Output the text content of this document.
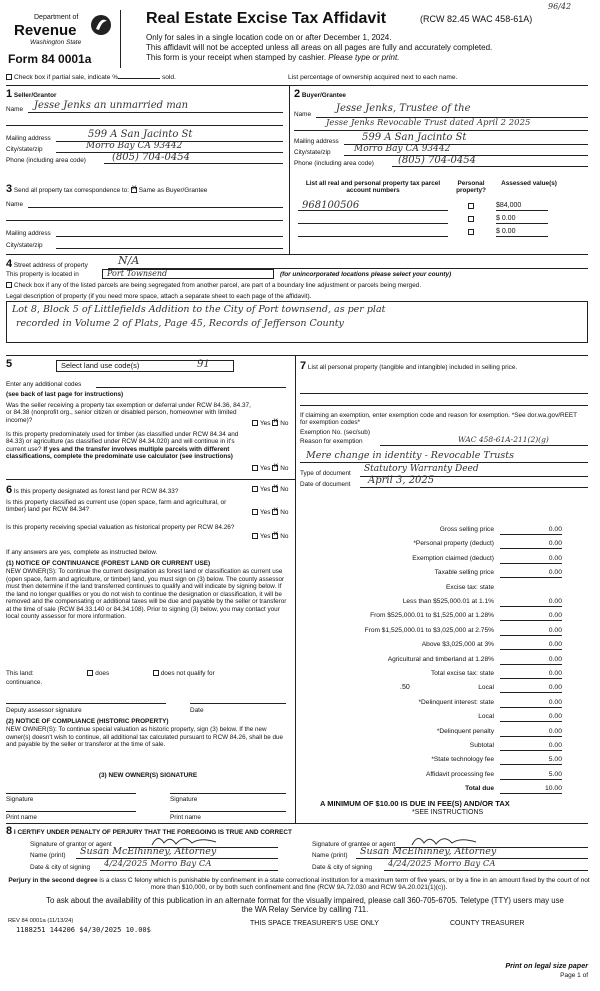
Department of
Revenue
Washington State
Form 84 0001a
Real Estate Excise Tax Affidavit	(RCW 82.45 WAC 458-61A)
96/42
Only for sales in a single location code on or after December 1, 2024.
This affidavit will not be accepted unless all areas on all pages are fully and accurately completed.
This form is your receipt when stamped by cashier. Please type or print.
Check box if partial sale, indicate %	sold.	List percentage of ownership acquired next to each name.
1 Seller/Grantor
Name Jesse Jenks an unmarried man
Mailing address	599 A San Jacinto St
City/state/zip	Morro Bay CA 93442
Phone (including area code)	(805) 704-0454
2 Buyer/Grantee
Name
Jesse Jenks, Trustee of the
Jesse Jenks Revocable Trust dated April 2 2025
Mailing address 599 A San Jacinto St
City/state/zip	Morro Bay CA 93442
Phone (including area code) (805) 704-0454
3 Send all property tax correspondence to: ✕ Same as Buyer/Grantee
Name
Mailing address
City/state/zip
List all real and personal property tax parcel account numbers
Personal property?
Assessed value(s)
968100506	$84,000
$ 0.00
$ 0.00
4 Street address of property	N/A
This property is located in	Port Townsend	(for unincorporated locations please select your county)
Check box if any of the listed parcels are being segregated from another parcel, are part of a boundary line adjustment or parcels being merged.
Legal description of property (if you need more space, attach a separate sheet to each page of the affidavit).
Lot 8, Block 5 of Littlefields Addition to the City of Port townsend, as per plat
recorded in Volume 2 of Plats, Page 45, Records of Jefferson County
5	Select land use code(s)	91
Enter any additional codes
(see back of last page for instructions)
Was the seller receiving a property tax exemption or deferral under RCW 84.36, 84.37, or 84.38 (nonprofit org., senior citizen or disabled person, homeowner with limited income)?	Yes ✕ No
Is this property predominately used for timber (as classified under RCW 84.34 and 84.33) or agriculture (as classified under RCW 84.34.020) and will continue in it's current use? If yes and the transfer involves multiple parcels with different classifications, complete the predominate use calculator (see instructions)
Yes ✕ No
6 Is this property designated as forest land per RCW 84.33?	Yes ✕ No
Is this property classified as current use (open space, farm and agricultural, or timber) land per RCW 84.34?	Yes ✕ No
Is this property receiving special valuation as historical property per RCW 84.26?
Yes ✕ No
If any answers are yes, complete as instructed below.
(1) NOTICE OF CONTINUANCE (FOREST LAND OR CURRENT USE)
NEW OWNER(S): To continue the current designation as forest land or classification as current use (open space, farm and agriculture, or timber) land, you must sign on (3) below. The county assessor must then determine if the land transferred continues to qualify and will indicate by signing below. If the land no longer qualifies or you do not wish to continue the designation or classification, it will be removed and the compensating or additional taxes will be due and payable by the seller or transferor at the time of sale (RCW 84.33.140 or 84.34.108). Prior to signing (3) below, you may contact your local county assessor for more information.
This land:	does	does not qualify for
continuance.
Deputy assessor signature	Date
(2) NOTICE OF COMPLIANCE (HISTORIC PROPERTY)
NEW OWNER(S): To continue special valuation as historic property, sign (3) below. If the new owner(s) doesn't wish to continue, all additional tax calculated pursuant to RCW 84.26, shall be due and payable by the seller or transferor at the time of sale.
(3) NEW OWNER(S) SIGNATURE
Signature	Signature
Print name	Print name
7 List all personal property (tangible and intangible) included in selling price.
If claiming an exemption, enter exemption code and reason for exemption. *See dor.wa.gov/REET for exemption codes*
Exemption No. (sec/sub)
Reason for exemption	WAC 458-61A-211(2)(g)
Mere change in identity - Revocable Trusts
Type of document Statutory Warranty Deed
Date of document April 3, 2025
Gross selling price	0.00
*Personal property (deduct)	0.00
Exemption claimed (deduct)	0.00
Taxable selling price	0.00
Excise tax: state
Less than $525,000.01 at 1.1%	0.00
From $525,000.01 to $1,525,000 at 1.28%	0.00
From $1,525,000.01 to $3,025,000 at 2.75%	0.00
Above $3,025,000 at 3%	0.00
Agricultural and timberland at 1.28%	0.00
Total excise tax: state	0.00
Local	0.00
*Delinquent interest: state	0.00
Local	0.00
*Delinquent penalty	0.00
Subtotal	0.00
*State technology fee	5.00
Affidavit processing fee	5.00
Total due	10.00
.50
A MINIMUM OF $10.00 IS DUE IN FEE(S) AND/OR TAX
*SEE INSTRUCTIONS
8 I CERTIFY UNDER PENALTY OF PERJURY THAT THE FOREGOING IS TRUE AND CORRECT
Signature of grantor or agent
Name (print) Susan McElhinney, Attorney
Date & city of signing 4/24/2025 Morro Bay CA
Signature of grantee or agent
Name (print) Susan McElhinney, Attorney
Date & city of signing 4/24/2025 Morro Bay CA
Perjury in the second degree is a class C felony which is punishable by confinement in a state correctional institution for a maximum term of five years, or by a fine in an amount fixed by the court of not more than $10,000, or by both such confinement and fine (RCW 9A.72.030 and RCW 9A.20.021(1)(c)).
To ask about the availability of this publication in an alternate format for the visually impaired, please call 360-705-6705. Teletype (TTY) users may use the WA Relay Service by calling 711.
REV 84 0001a (11/13/24)
1188251 144206 $4/30/2025 10.00$
THIS SPACE TREASURER'S USE ONLY	COUNTY TREASURER
Print on legal size paper
Page 1 of
